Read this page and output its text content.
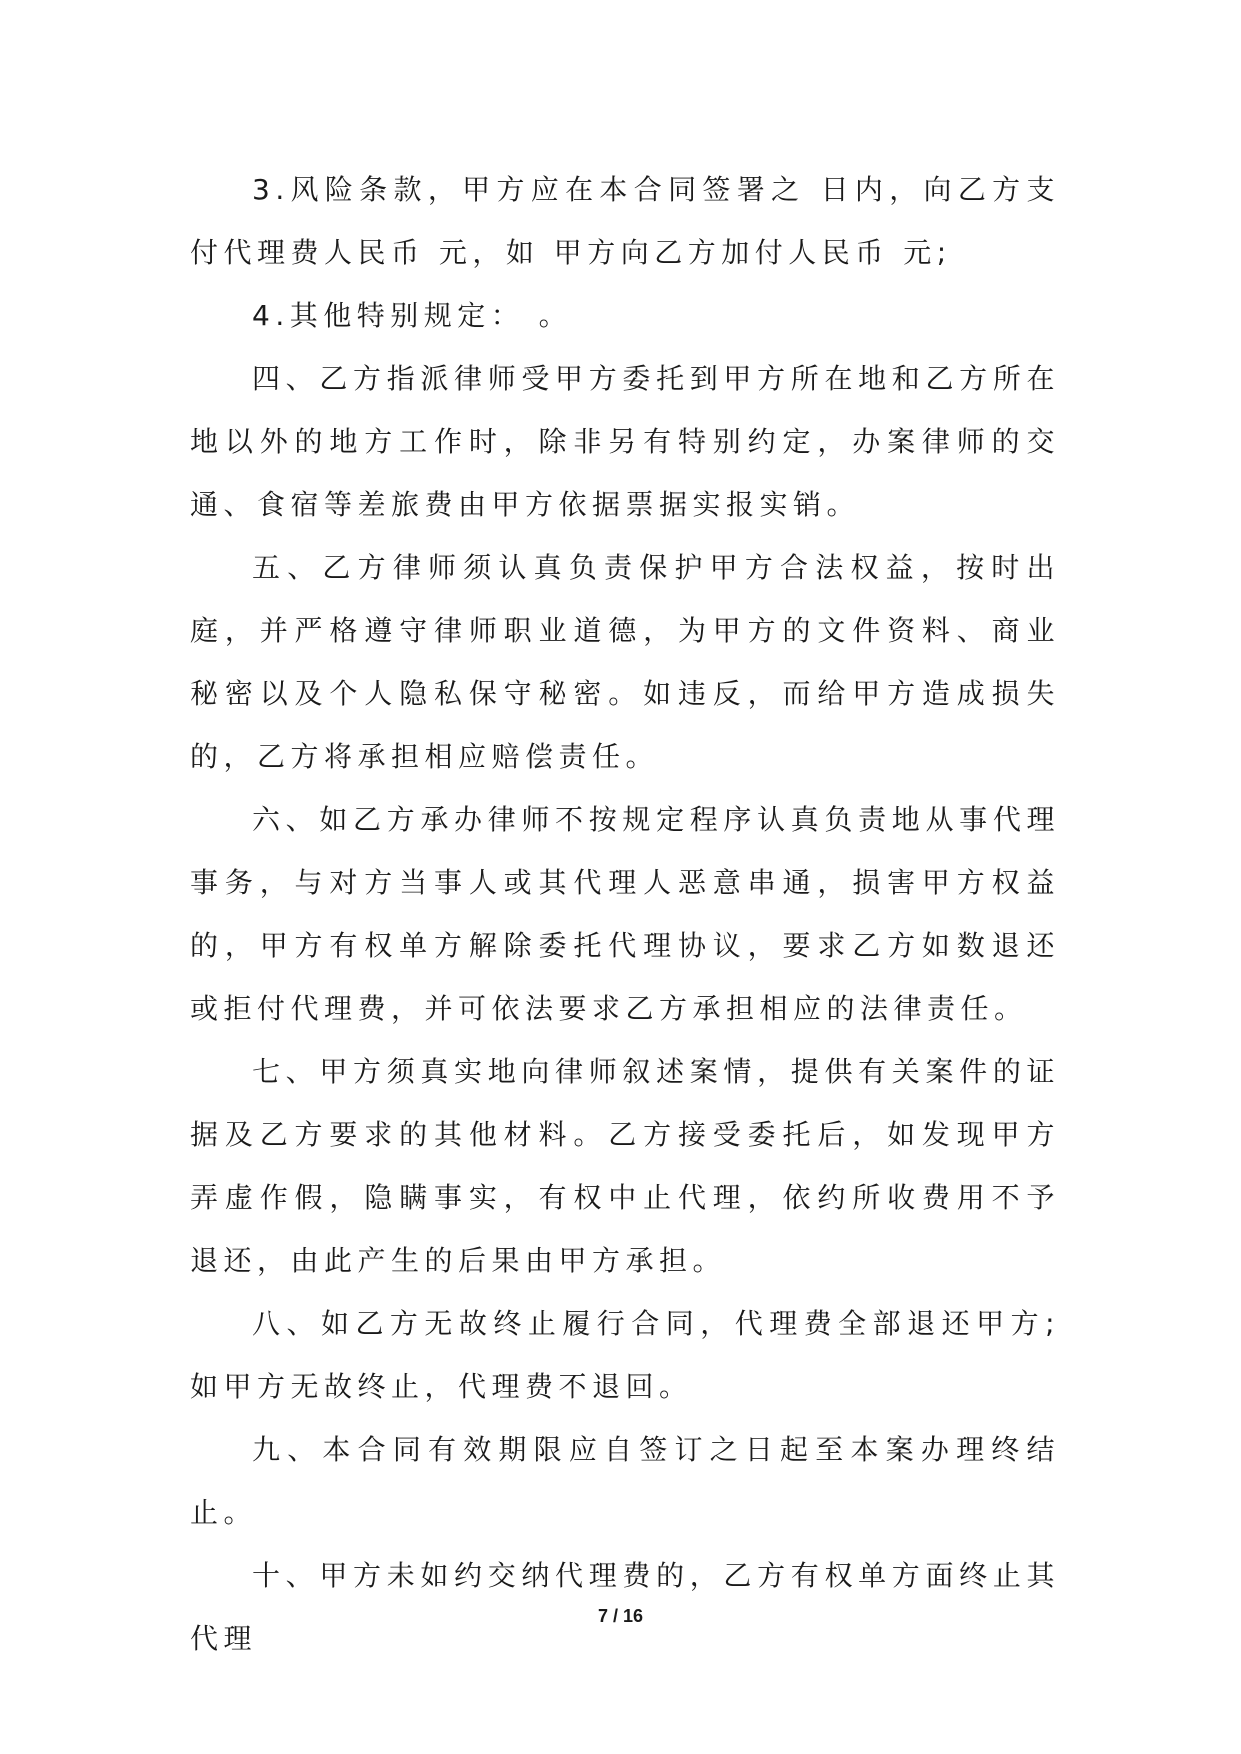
3.风险条款，甲方应在本合同签署之 日内，向乙方支付代理费人民币 元，如 甲方向乙方加付人民币 元;

4.其他特别规定： 。

四、乙方指派律师受甲方委托到甲方所在地和乙方所在地以外的地方工作时，除非另有特别约定，办案律师的交通、食宿等差旅费由甲方依据票据实报实销。

五、乙方律师须认真负责保护甲方合法权益，按时出庭，并严格遵守律师职业道德，为甲方的文件资料、商业秘密以及个人隐私保守秘密。如违反，而给甲方造成损失的，乙方将承担相应赔偿责任。

六、如乙方承办律师不按规定程序认真负责地从事代理事务，与对方当事人或其代理人恶意串通，损害甲方权益的，甲方有权单方解除委托代理协议，要求乙方如数退还或拒付代理费，并可依法要求乙方承担相应的法律责任。

七、甲方须真实地向律师叙述案情，提供有关案件的证据及乙方要求的其他材料。乙方接受委托后，如发现甲方弄虚作假，隐瞒事实，有权中止代理，依约所收费用不予退还，由此产生的后果由甲方承担。

八、如乙方无故终止履行合同，代理费全部退还甲方;如甲方无故终止，代理费不退回。

九、本合同有效期限应自签订之日起至本案办理终结止。

十、甲方未如约交纳代理费的，乙方有权单方面终止其代理

7 / 16
